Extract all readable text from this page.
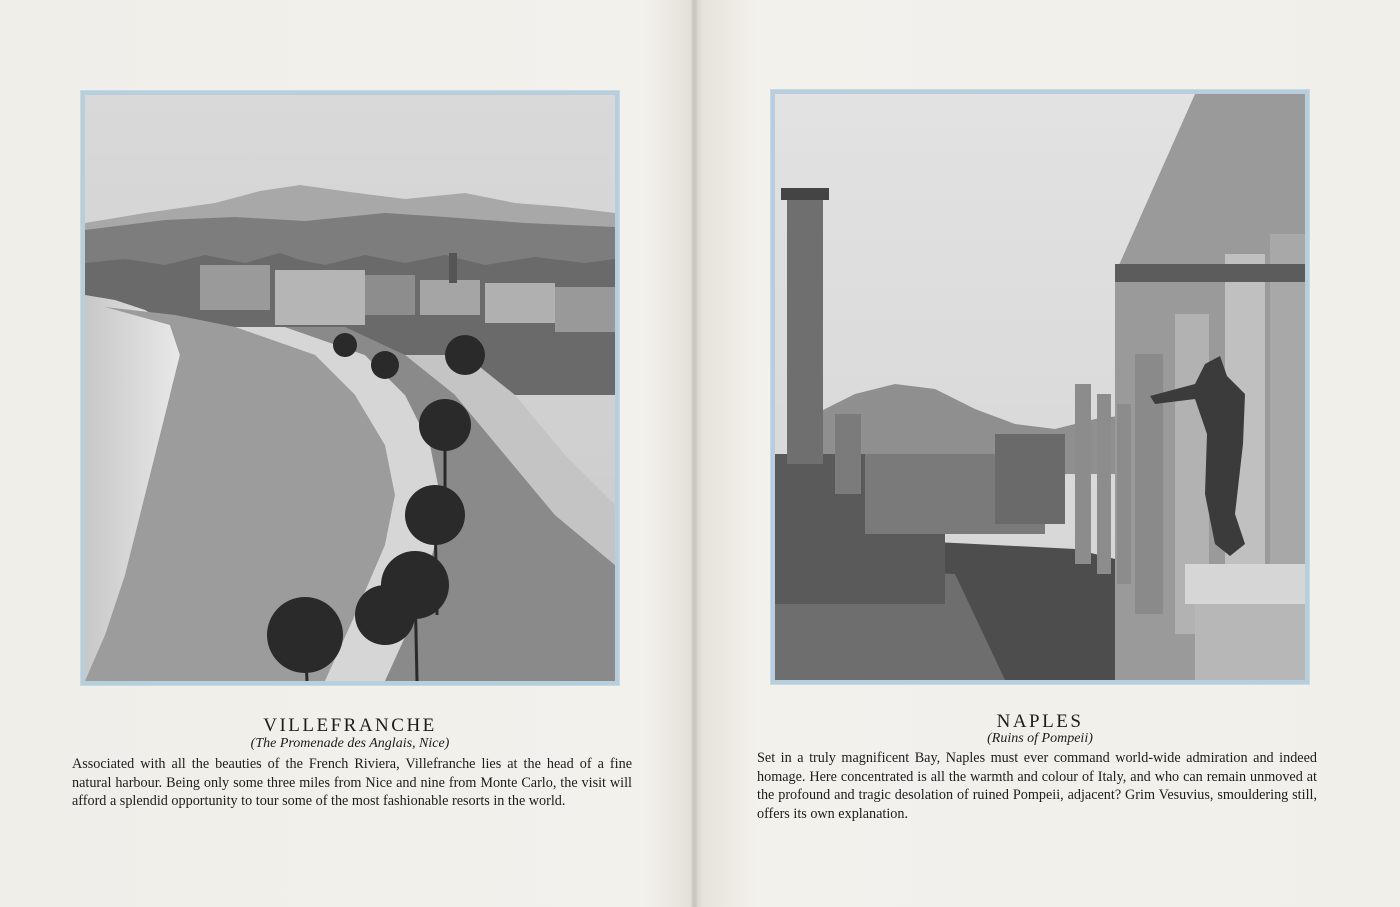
VILLEFRANCHE

(The Promenade des Anglais, Nice)

Associated with all the beauties of the French Riviera, Villefranche lies at the head of a fine natural harbour. Being only some three miles from Nice and nine from Monte Carlo, the visit will afford a splendid opportunity to tour some of the most fashionable resorts in the world.

NAPLES

(Ruins of Pompeii)

Set in a truly magnificent Bay, Naples must ever command world-wide admiration and indeed homage. Here concentrated is all the warmth and colour of Italy, and who can remain unmoved at the profound and tragic desolation of ruined Pompeii, adjacent? Grim Vesuvius, smouldering still, offers its own explanation.
